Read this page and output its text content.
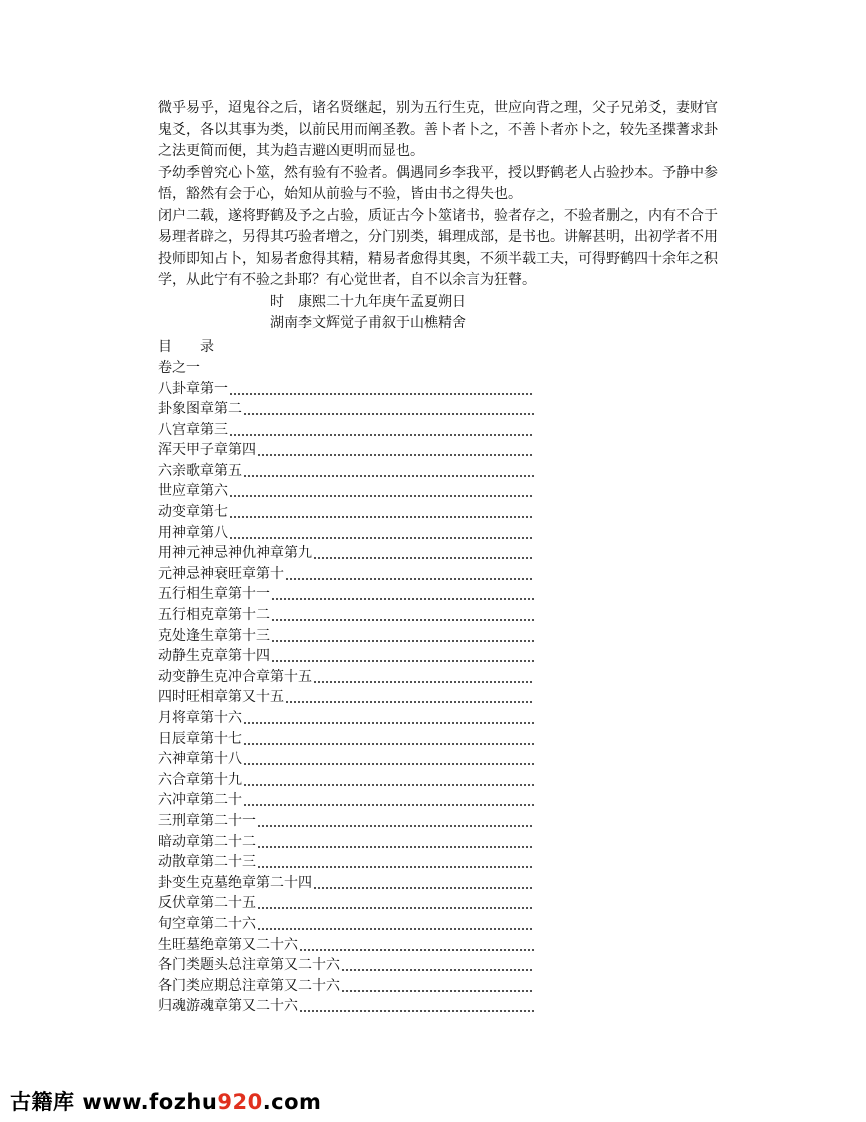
微乎易乎，迢鬼谷之后，诸名贤继起，别为五行生克，世应向背之理，父子兄弟爻，妻财官鬼爻，各以其事为类，以前民用而阐圣教。善卜者卜之，不善卜者亦卜之，较先圣揲蓍求卦之法更简而便，其为趋吉避凶更明而显也。

予幼季曾究心卜筮，然有验有不验者。偶遇同乡李我平，授以野鹤老人占验抄本。予静中参悟，豁然有会于心，始知从前验与不验，皆由书之得失也。

闭户二载，遂将野鹤及予之占验，质证古今卜筮诸书，验者存之，不验者删之，内有不合于易理者辟之，另得其巧验者增之，分门别类，辑理成部，是书也。讲解甚明，出初学者不用投师即知占卜，知易者愈得其精，精易者愈得其奥，不须半载工夫，可得野鹤四十余年之积学，从此宁有不验之卦耶？有心觉世者，自不以余言为狂瞽。

时　康熙二十九年庚午孟夏朔日
湖南李文辉觉子甫叙于山樵精舍
目　　录
卷之一
八卦章第一
卦象图章第二
八宫章第三
浑天甲子章第四
六亲歌章第五
世应章第六
动变章第七
用神章第八
用神元神忌神仇神章第九
元神忌神衰旺章第十
五行相生章第十一
五行相克章第十二
克处逢生章第十三
动静生克章第十四
动变静生克冲合章第十五
四时旺相章第又十五
月将章第十六
日辰章第十七
六神章第十八
六合章第十九
六冲章第二十
三刑章第二十一
暗动章第二十二
动散章第二十三
卦变生克墓绝章第二十四
反伏章第二十五
旬空章第二十六
生旺墓绝章第又二十六
各门类题头总注章第又二十六
各门类应期总注章第又二十六
归魂游魂章第又二十六
古籍库 www.fozhu920.com
